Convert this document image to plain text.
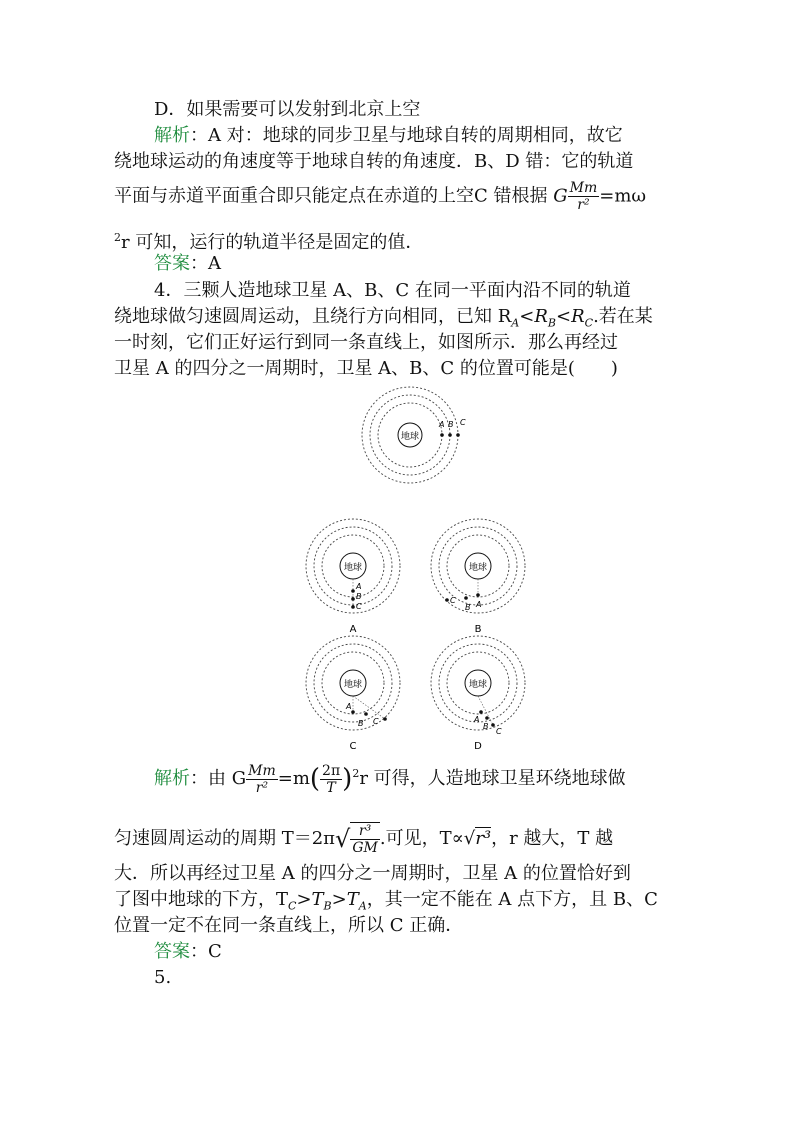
D．如果需要可以发射到北京上空
解析：A 对：地球的同步卫星与地球自转的周期相同，故它
绕地球运动的角速度等于地球自转的角速度．B、D 错：它的轨道
平面与赤道平面重合即只能定点在赤道的上空C 错根据 G $\frac{Mm}{\text{r²}} =m\omega$
$^2$r 可知，运行的轨道半径是固定的值．
答案：A
4．三颗人造地球卫星 A、B、C 在同一平面内沿不同的轨道
绕地球做匀速圆周运动，且绕行方向相同，已知 $R_A<R_B<R_C$.若在某
一时刻，它们正好运行到同一条直线上，如图所示．那么再经过
卫星 A 的四分之一周期时，卫星 A、B、C 的位置可能是(　　)
地球
A B C
地球
A
B
C
A
地球
A
B
C
B
地球
A
B C
C
地球
A
B
C
D
解析：由 G $\frac{Mm}{\text{r²}} =m( \frac{2\pi}{T} )^2r$ 可得，人造地球卫星环绕地球做
匀速圆周运动的周期 $T=2\pi√ \frac{\text{r³}}{GM}$ .可见，T∝√r³，r 越大，T 越
大．所以再经过卫星 A 的四分之一周期时，卫星 A 的位置恰好到
了图中地球的下方，$T_C>T_B>T_A$，其一定不能在 A 点下方，且 B、C
位置一定不在同一条直线上，所以 C 正确．
答案：C
5.
